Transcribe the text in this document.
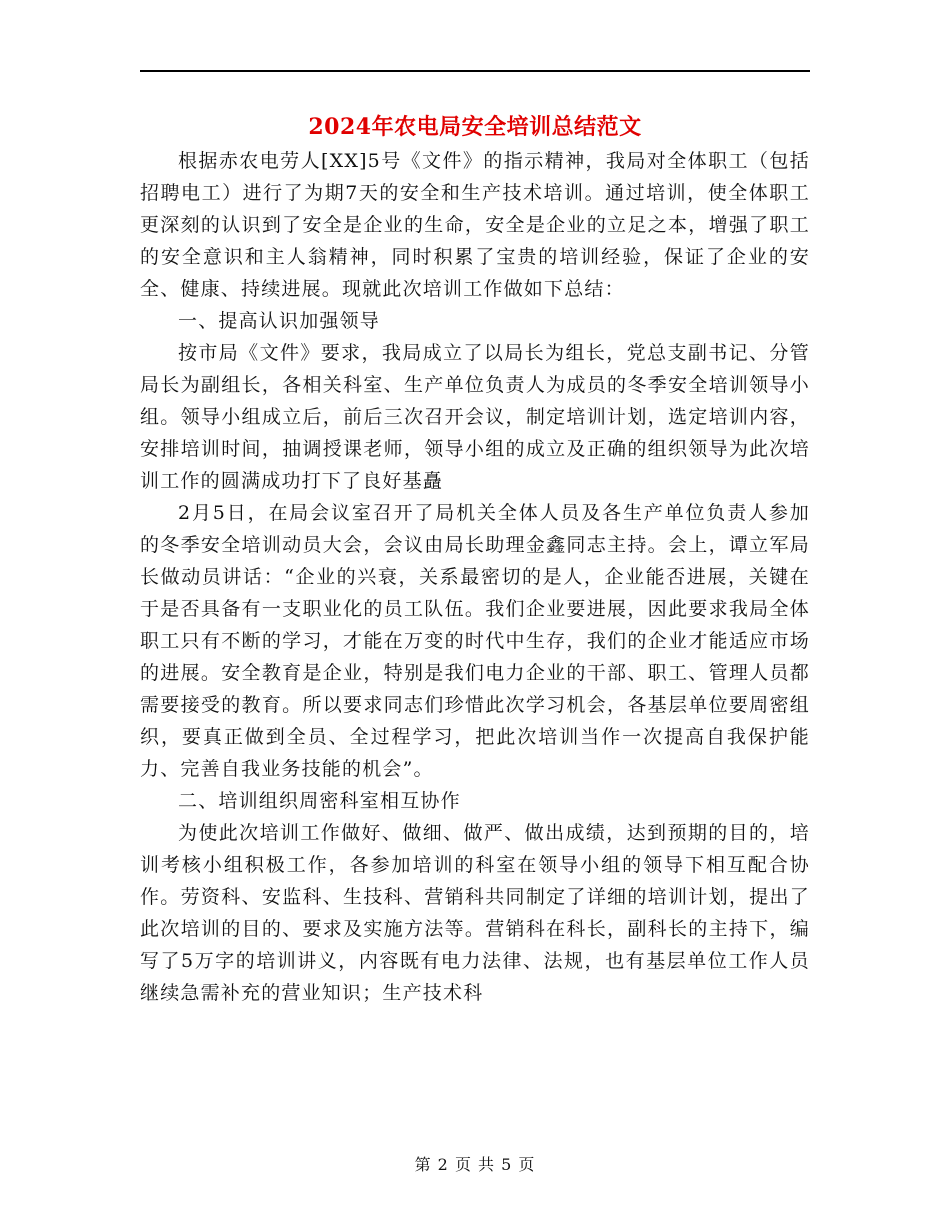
2024年农电局安全培训总结范文

根据赤农电劳人[XX]5号《文件》的指示精神，我局对全体职工（包括招聘电工）进行了为期7天的安全和生产技术培训。通过培训，使全体职工更深刻的认识到了安全是企业的生命，安全是企业的立足之本，增强了职工的安全意识和主人翁精神，同时积累了宝贵的培训经验，保证了企业的安全、健康、持续进展。现就此次培训工作做如下总结：

一、提高认识加强领导

按市局《文件》要求，我局成立了以局长为组长，党总支副书记、分管局长为副组长，各相关科室、生产单位负责人为成员的冬季安全培训领导小组。领导小组成立后，前后三次召开会议，制定培训计划，选定培训内容，安排培训时间，抽调授课老师，领导小组的成立及正确的组织领导为此次培训工作的圆满成功打下了良好基矗

2月5日，在局会议室召开了局机关全体人员及各生产单位负责人参加的冬季安全培训动员大会，会议由局长助理金鑫同志主持。会上，谭立军局长做动员讲话：“企业的兴衰，关系最密切的是人，企业能否进展，关键在于是否具备有一支职业化的员工队伍。我们企业要进展，因此要求我局全体职工只有不断的学习，才能在万变的时代中生存，我们的企业才能适应市场的进展。安全教育是企业，特别是我们电力企业的干部、职工、管理人员都需要接受的教育。所以要求同志们珍惜此次学习机会，各基层单位要周密组织，要真正做到全员、全过程学习，把此次培训当作一次提高自我保护能力、完善自我业务技能的机会”。

二、培训组织周密科室相互协作

为使此次培训工作做好、做细、做严、做出成绩，达到预期的目的，培训考核小组积极工作，各参加培训的科室在领导小组的领导下相互配合协作。劳资科、安监科、生技科、营销科共同制定了详细的培训计划，提出了此次培训的目的、要求及实施方法等。营销科在科长，副科长的主持下，编写了5万字的培训讲义，内容既有电力法律、法规，也有基层单位工作人员继续急需补充的营业知识；生产技术科

第 2 页 共 5 页
